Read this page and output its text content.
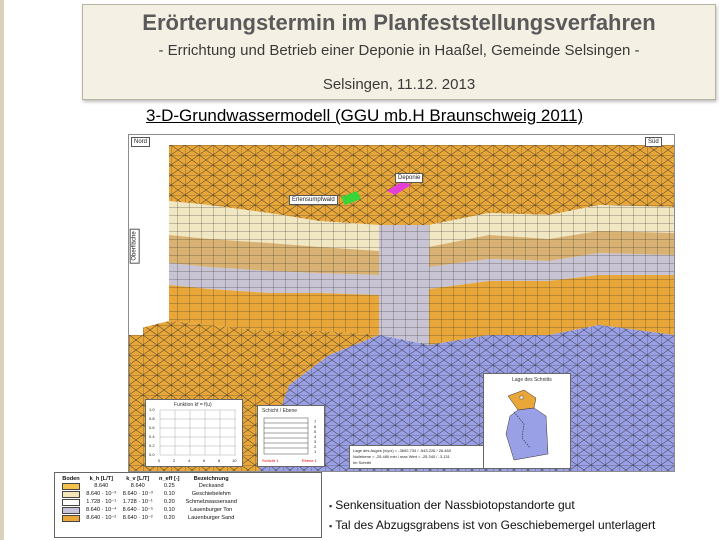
Erörterungstermin im Planfeststellungsverfahren
- Errichtung und Betrieb einer Deponie in Haaßel, Gemeinde Selsingen -
Selsingen, 11.12. 2013
3-D-Grundwassermodell (GGU mb.H Braunschweig 2011)
Nord	Süd
Deponie
Erlensumpfwald
Oberfläche
Funktion kf = f(u)
1.0
0.8
0.6
0.4
0.2
0.0
0	2	4	6	8	10
Schicht / Ebene
7
6
5
4
3
2
1
Schicht 1	Ebene 1
Lage des Auges (x/y/z) = -3692.734 / -543.226 / 26.460
Nullebene = -25.480 min / max Wert = -25.340 / -3.131
Im Schnitt
Lage des Schnitts
Boden	k_h [L/T]	k_v [L/T]	n_eff [-]	Bezeichnung
	8.640	8.640	0.25	Decksand
	8.640 · 10⁻³	8.640 · 10⁻³	0.10	Geschiebelehm
	1.728 · 10⁻¹	1.728 · 10⁻¹	0.20	Schmelzwassersand
	8.640 · 10⁻⁴	8.640 · 10⁻⁵	0.10	Lauenburger Ton
	8.640 · 10⁻²	8.640 · 10⁻²	0.20	Lauenburger Sand
▪ Senkensituation der Nassbiotopstandorte gut
▪ Tal des Abzugsgrabens ist von Geschiebemergel unterlagert
